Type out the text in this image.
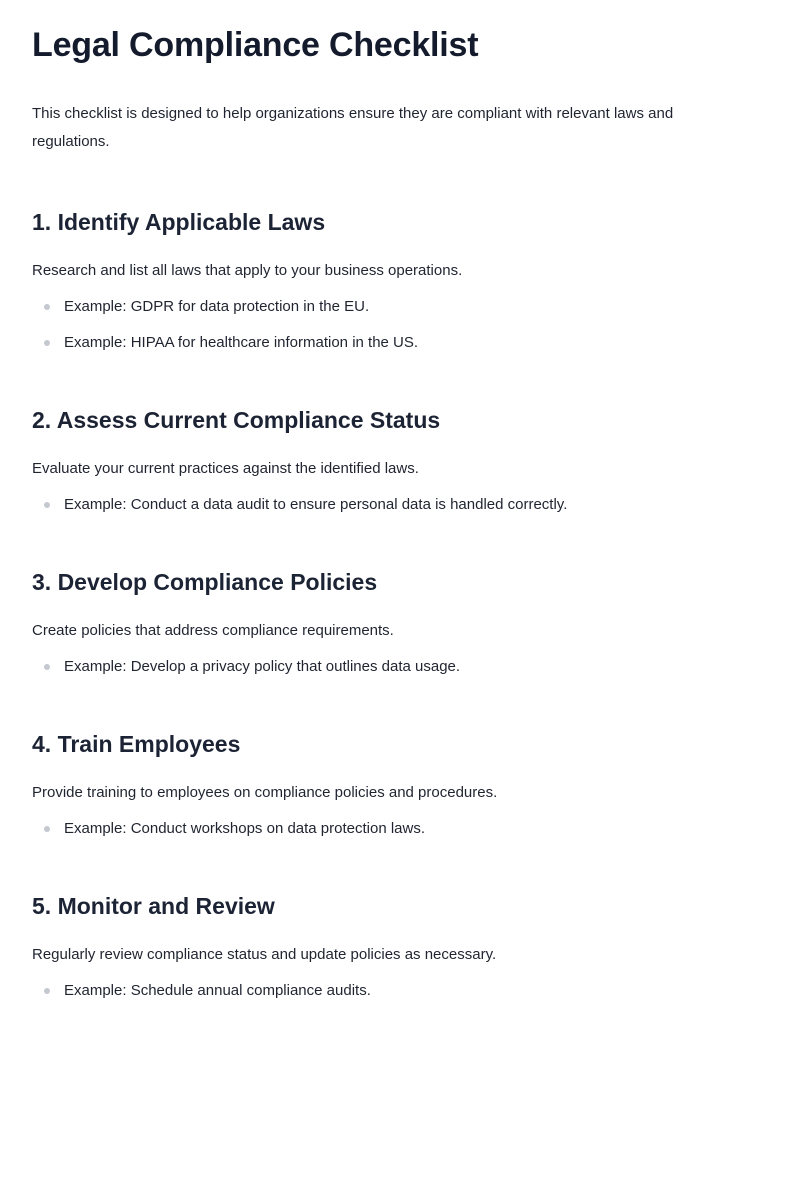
Legal Compliance Checklist

This checklist is designed to help organizations ensure they are compliant with relevant laws and regulations.

1. Identify Applicable Laws

Research and list all laws that apply to your business operations.

Example: GDPR for data protection in the EU.
Example: HIPAA for healthcare information in the US.
2. Assess Current Compliance Status

Evaluate your current practices against the identified laws.

Example: Conduct a data audit to ensure personal data is handled correctly.
3. Develop Compliance Policies

Create policies that address compliance requirements.

Example: Develop a privacy policy that outlines data usage.
4. Train Employees

Provide training to employees on compliance policies and procedures.

Example: Conduct workshops on data protection laws.
5. Monitor and Review

Regularly review compliance status and update policies as necessary.

Example: Schedule annual compliance audits.
